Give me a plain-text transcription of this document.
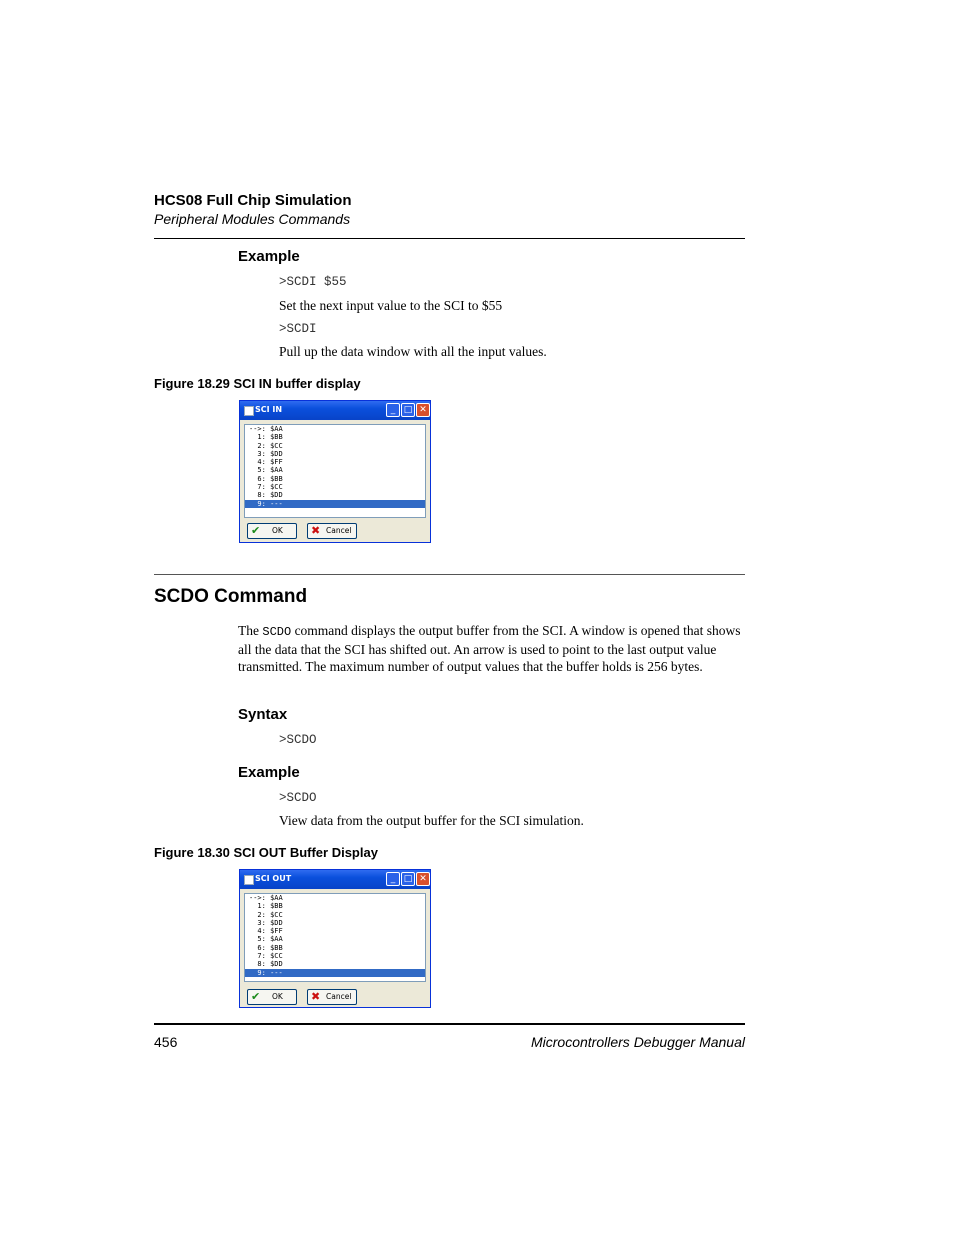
HCS08 Full Chip Simulation
Peripheral Modules Commands
Example
>SCDI $55
Set the next input value to the SCI to $55
>SCDI
Pull up the data window with all the input values.
Figure 18.29 SCI IN buffer display
SCI IN	_ □ ✕
-->: $AA
1: $BB
2: $CC
3: $DD
4: $FF
5: $AA
6: $BB
7: $CC
8: $DD
9: ---
✔ OK	✖ Cancel
SCDO Command
The SCDO command displays the output buffer from the SCI. A window is opened that shows all the data that the SCI has shifted out. An arrow is used to point to the last output value transmitted. The maximum number of output values that the buffer holds is 256 bytes.
Syntax
>SCDO
Example
>SCDO
View data from the output buffer for the SCI simulation.
Figure 18.30 SCI OUT Buffer Display
SCI OUT	_ □ ✕
-->: $AA
1: $BB
2: $CC
3: $DD
4: $FF
5: $AA
6: $BB
7: $CC
8: $DD
9: ---
✔ OK	✖ Cancel
456	Microcontrollers Debugger Manual
